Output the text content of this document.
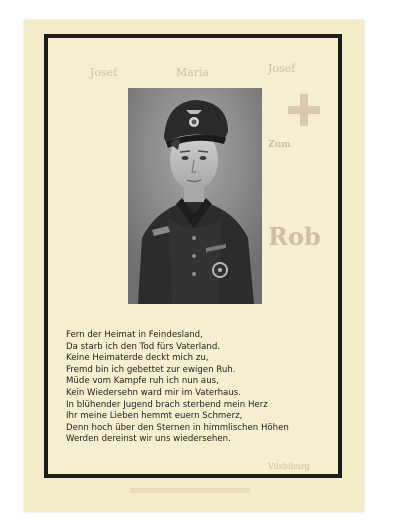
Josef	Maria	Josef
Zum
Rob
Vilsbiburg
Fern der Heimat in Feindesland,
Da starb ich den Tod fürs Vaterland.
Keine Heimaterde deckt mich zu,
Fremd bin ich gebettet zur ewigen Ruh.
Müde vom Kampfe ruh ich nun aus,
Kein Wiedersehn ward mir im Vaterhaus.
In blühender Jugend brach sterbend mein Herz
Ihr meine Lieben hemmt euern Schmerz,
Denn hoch über den Sternen in himmlischen Höhen
Werden dereinst wir uns wiedersehen.
